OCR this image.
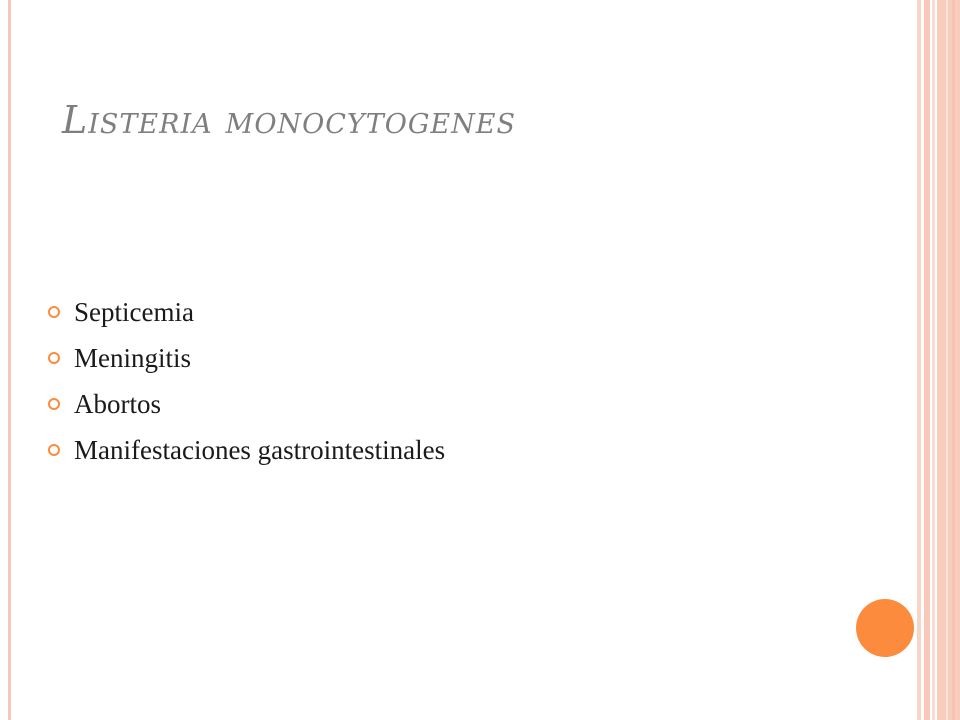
Listeria monocytogenes
Septicemia
Meningitis
Abortos
Manifestaciones gastrointestinales
